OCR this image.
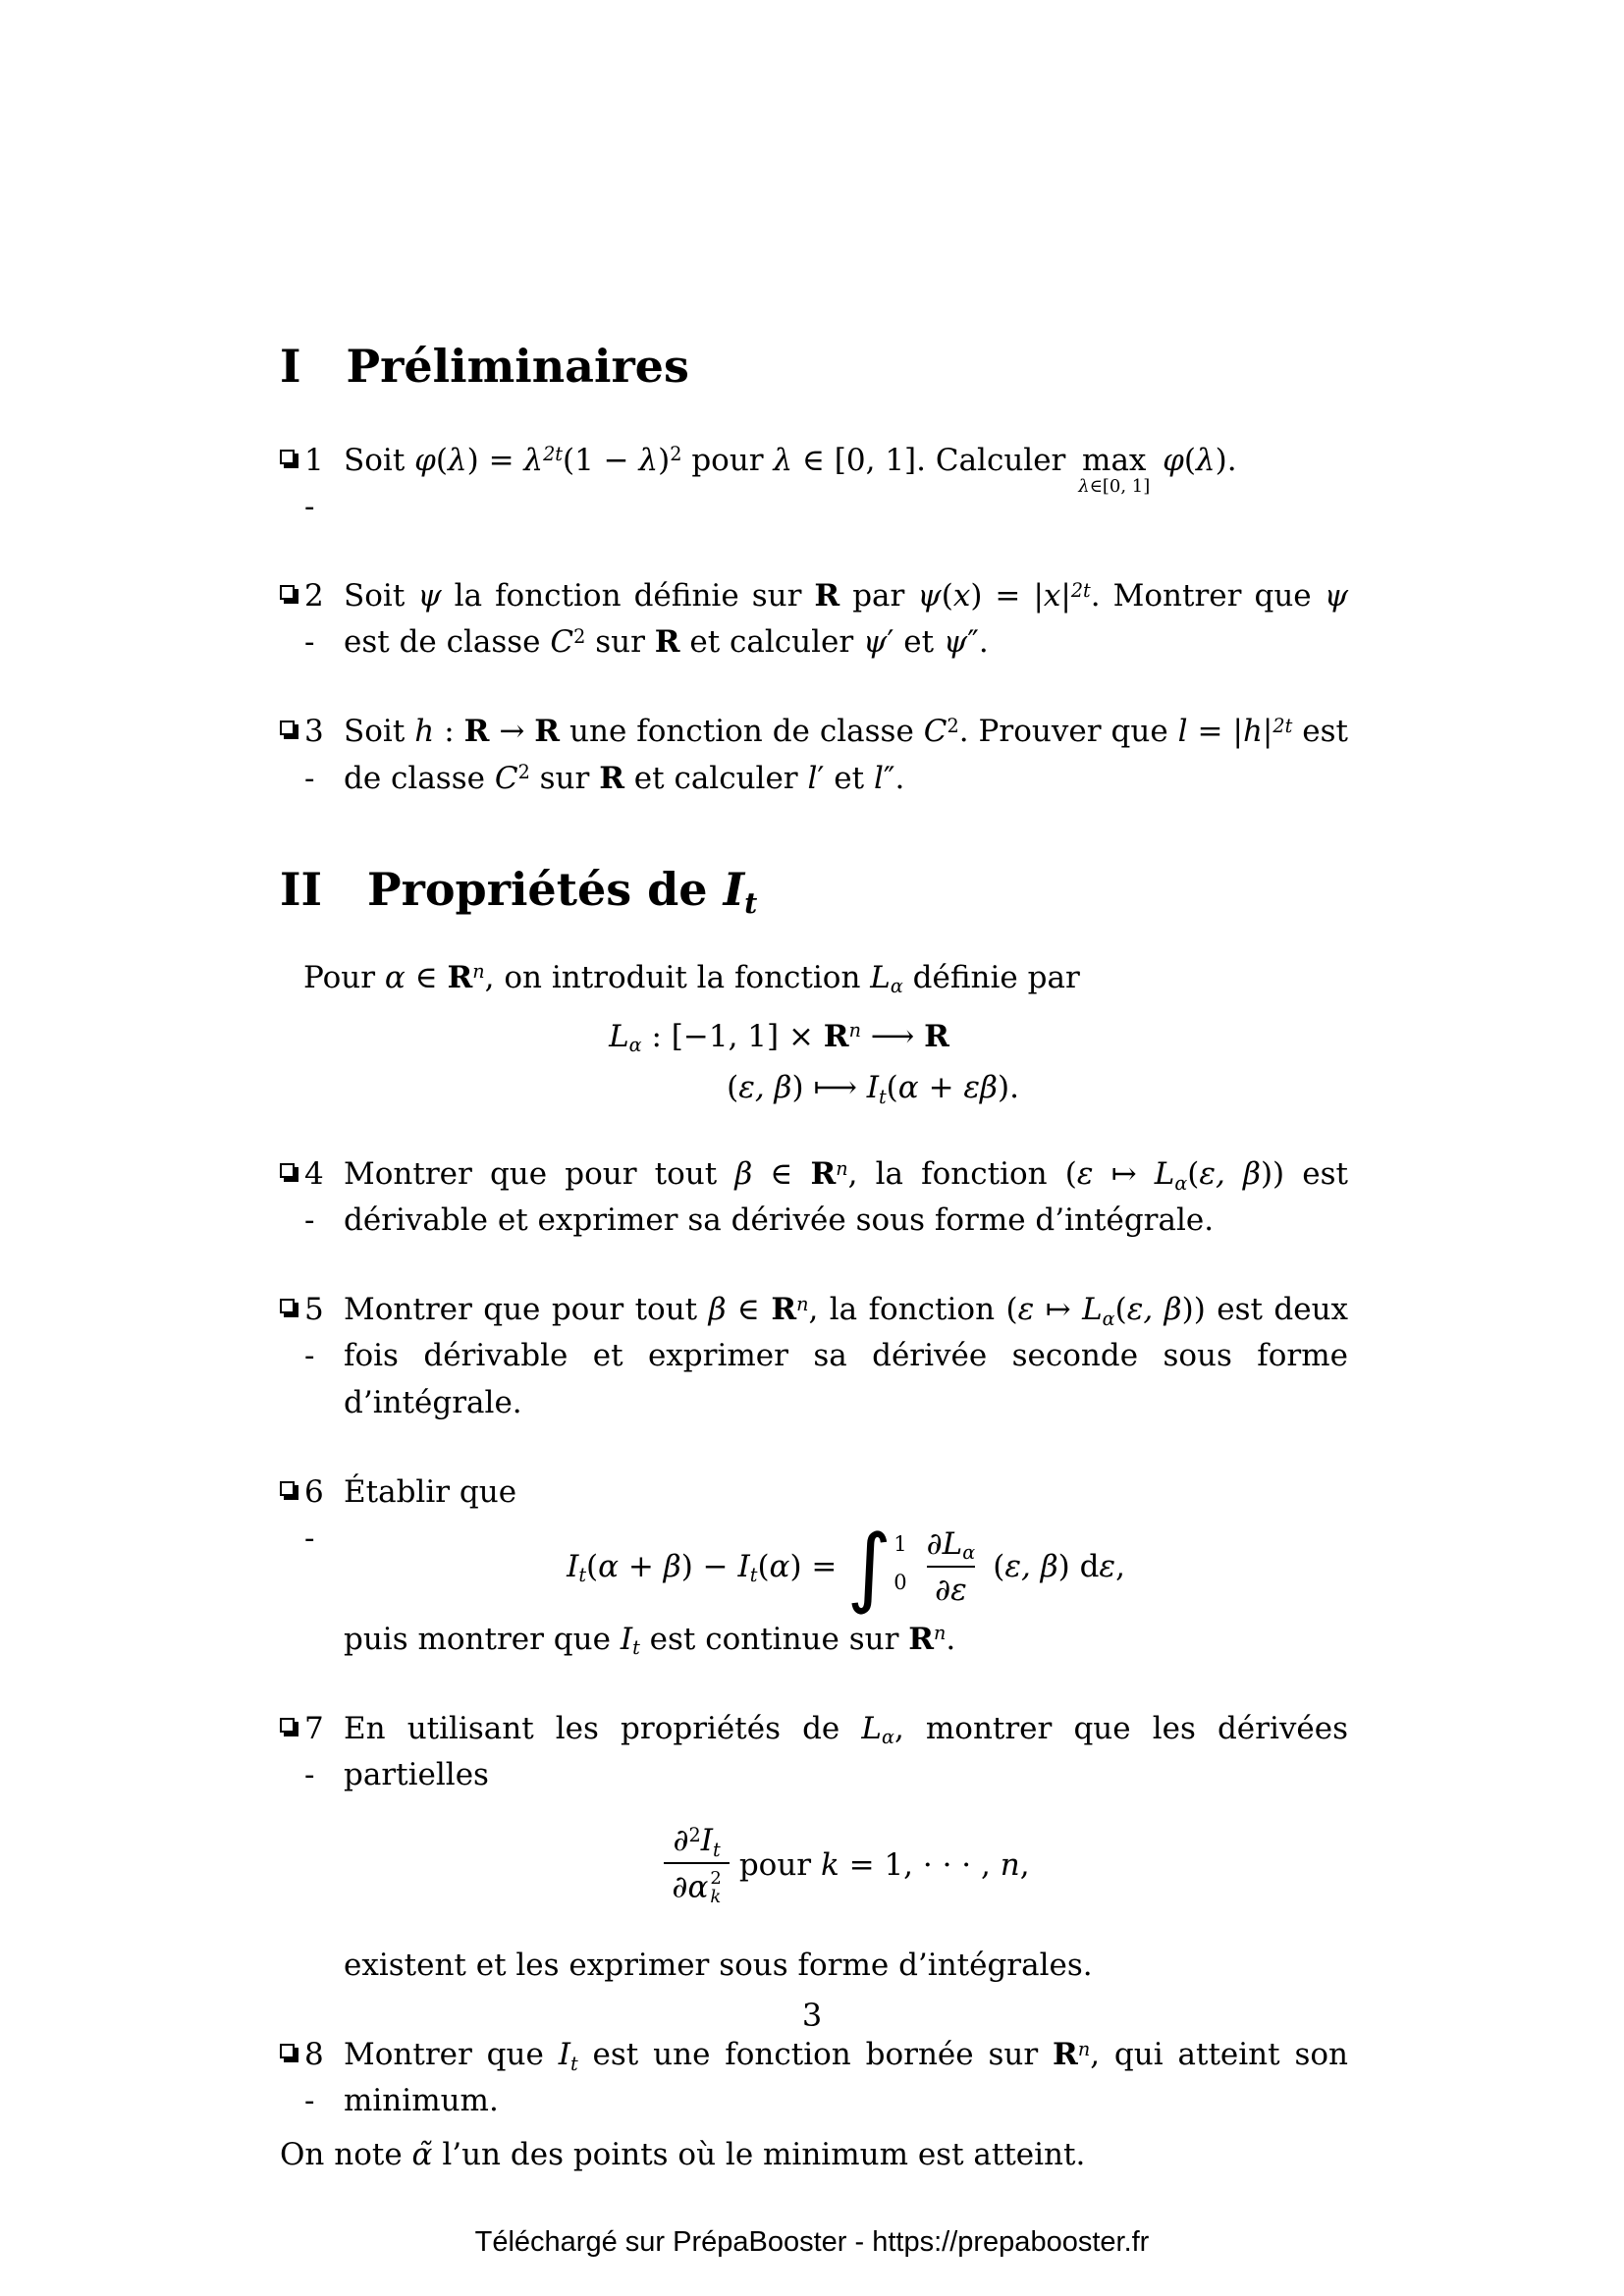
I Préliminaires
1 -
Soit $\varphi(\lambda) = \lambda^{2t}(1 - \lambda)^2$ pour λ ∈ [0, 1]. Calculer max
λ∈[0, 1]
φ(λ).
2 -
Soit ψ la fonction définie sur R par $\psi(x) = |x|^{2t}$. Montrer que ψ est de classe $C^2$ sur R et calculer ψ′ et ψ″.
3 -
Soit h : R → R une fonction de classe $C^2$. Prouver que $l = |h|^{2t}$ est de classe $C^2$ sur R et calculer l′ et l″.
II Propriétés de It

Pour α ∈ $R^n$, on introduit la fonction Lα définie par

Lα : [−1, $1] \times R^n$ ⟶ R
(ε, β) ⟼ It(α + εβ).
4 -
Montrer que pour tout β ∈ $R^n$, la fonction (ε ↦ Lα(ε, β)) est dérivable et exprimer sa dérivée sous forme d’intégrale.
5 -
Montrer que pour tout β ∈ $R^n$, la fonction (ε ↦ Lα(ε, β)) est deux fois dérivable et exprimer sa dérivée seconde sous forme d’intégrale.
6 -
Établir que
It(α + β) − It(α) = ∫ 1
$0 \frac{\partial L\alpha}{\partial\varepsilon} (\varepsilon$, β) dε,
puis montrer que It est continue sur $R^n$.
7 -
En utilisant les propriétés de Lα, montrer que les dérivées partielles
∂$^2$It
∂α 2
k pour k = 1, · · · , n,
existent et les exprimer sous forme d’intégrales.
8 -
Montrer que It est une fonction bornée sur $R^n$, qui atteint son minimum.

On note α̃ l’un des points où le minimum est atteint.

3
Téléchargé sur PrépaBooster - https://prepabooster.fr
